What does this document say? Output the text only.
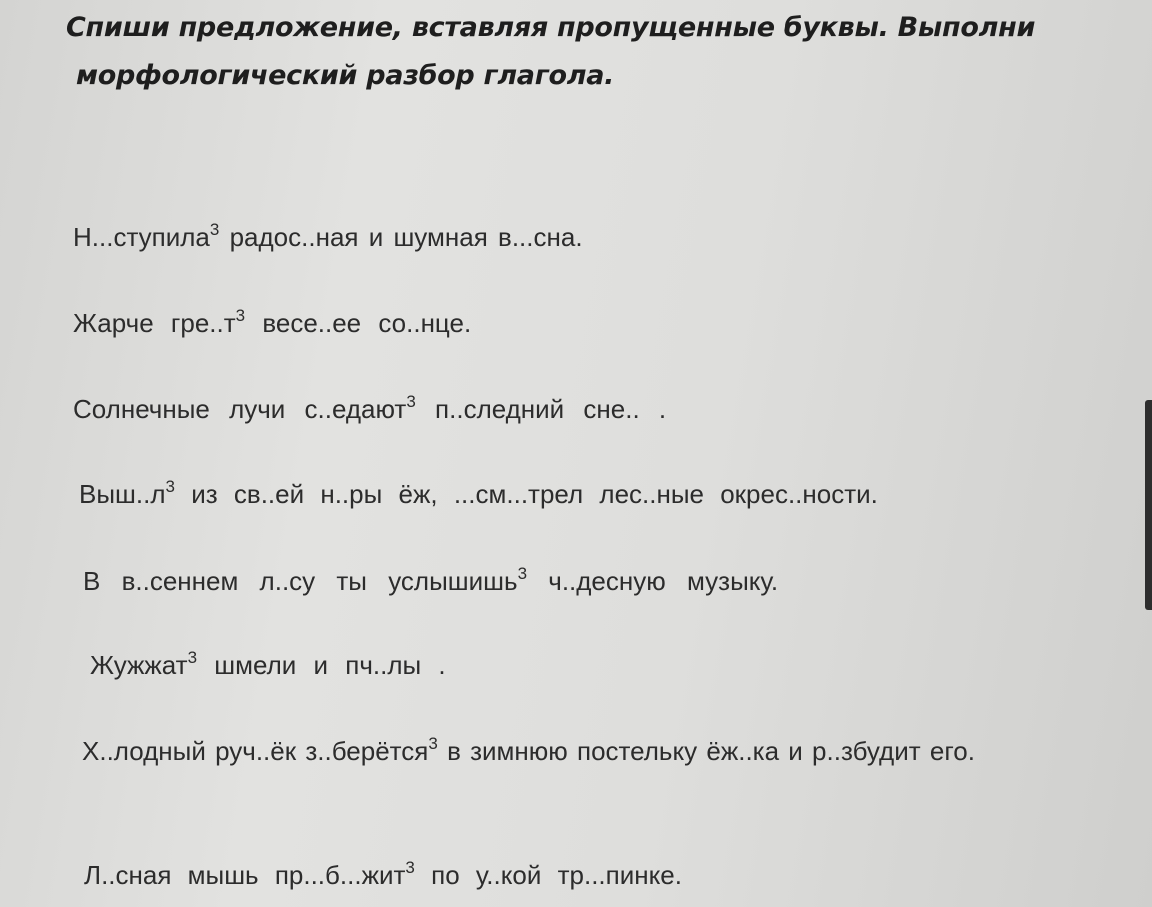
Спиши предложение, вставляя пропущенные буквы. Выполни
морфологический разбор глагола.
Н...ступила$^3$ радос..ная и шумная в...сна.
Жарче $гре..т^3$ весе..ее со..нце.
Солнечные лучи с..едают$^3$ п..следний сне.. .
$Выш..л^3$ из св..ей н..ры ёж, ...см...трел лес..ные окрес..ности.
В в..сеннем л..су ты услышишь$^3$ ч..десную музыку.
Жужжат$^3$ шмели и пч..лы .
Х..лодный руч..ёк з..берётся$^3$ в зимнюю постельку ёж..ка и р..збудит его.
Л..сная мышь пр...б...жит$^3$ по у..кой тр...пинке.
